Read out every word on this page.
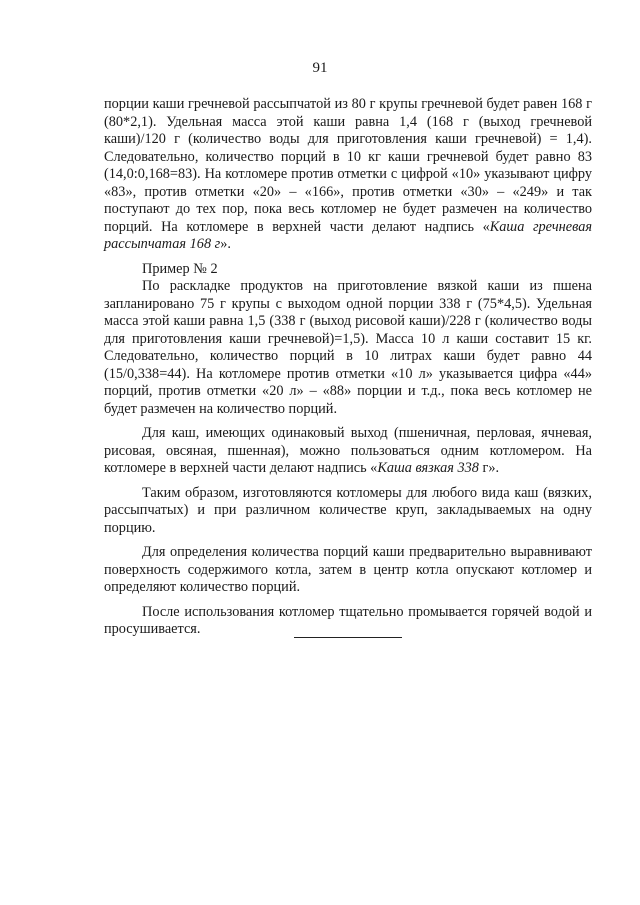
91

порции каши гречневой рассыпчатой из 80 г крупы гречневой будет равен 168 г (80*2,1). Удельная масса этой каши равна 1,4 (168 г (выход гречневой каши)/120 г (количество воды для приготовления каши гречневой) = 1,4). Следовательно, количество порций в 10 кг каши гречневой будет равно 83 (14,0:0,168=83). На котломере против отметки с цифрой «10» указывают цифру «83», против отметки «20» – «166», против отметки «30» – «249» и так поступают до тех пор, пока весь котломер не будет размечен на количество порций. На котломере в верхней части делают надпись «Каша гречневая рассыпчатая 168 г».

Пример № 2

По раскладке продуктов на приготовление вязкой каши из пшена запланировано 75 г крупы с выходом одной порции 338 г (75*4,5). Удельная масса этой каши равна 1,5 (338 г (выход рисовой каши)/228 г (количество воды для приготовления каши гречневой)=1,5). Масса 10 л каши составит 15 кг. Следовательно, количество порций в 10 литрах каши будет равно 44 (15/0,338=44). На котломере против отметки «10 л» указывается цифра «44» порций, против отметки «20 л» – «88» порции и т.д., пока весь котломер не будет размечен на количество порций.

Для каш, имеющих одинаковый выход (пшеничная, перловая, ячневая, рисовая, овсяная, пшенная), можно пользоваться одним котломером. На котломере в верхней части делают надпись «Каша вязкая 338 г».

Таким образом, изготовляются котломеры для любого вида каш (вязких, рассыпчатых) и при различном количестве круп, закладываемых на одну порцию.

Для определения количества порций каши предварительно выравнивают поверхность содержимого котла, затем в центр котла опускают котломер и определяют количество порций.

После использования котломер тщательно промывается горячей водой и просушивается.
